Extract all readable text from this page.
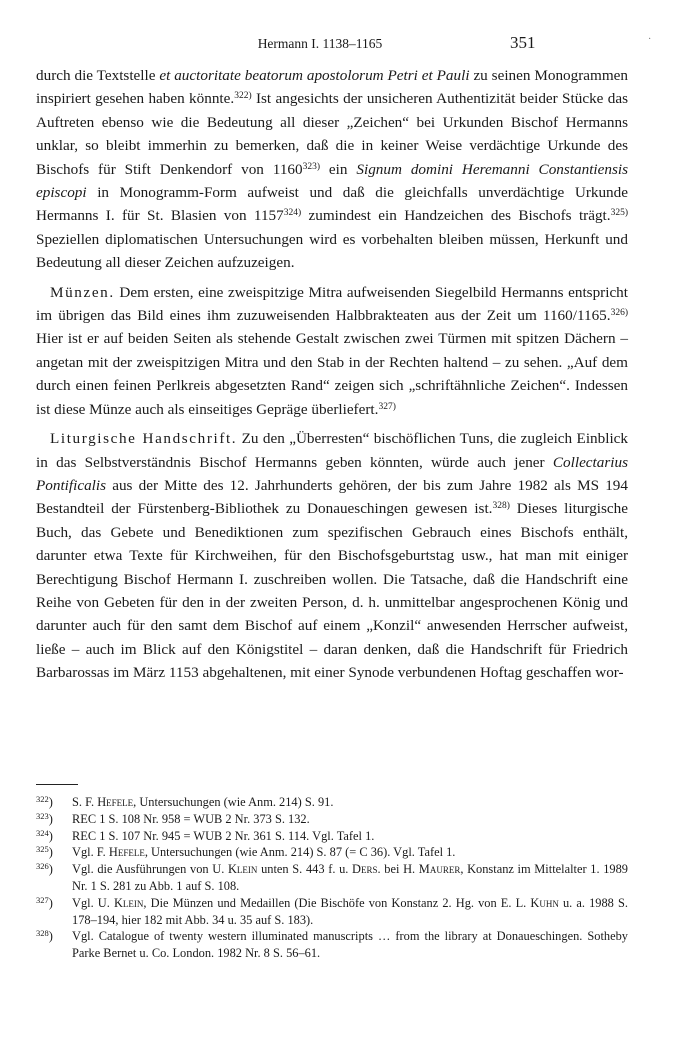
Hermann I. 1138–1165	351	·

durch die Textstelle et auctoritate beatorum apostolorum Petri et Pauli zu seinen Monogrammen inspiriert gesehen haben könnte.$^{322)}$ Ist angesichts der unsicheren Authentizität beider Stücke das Auftreten ebenso wie die Bedeutung all dieser „Zeichen“ bei Urkunden Bischof Hermanns unklar, so bleibt immerhin zu bemerken, daß die in keiner Weise verdächtige Urkunde des Bischofs für Stift Denkendorf von 1160$^{323)}$ ein Signum domini Heremanni Constantiensis episcopi in Monogramm-Form aufweist und daß die gleichfalls unverdächtige Urkunde Hermanns I. für St. Blasien von 1157$^{324)}$ zumindest ein Handzeichen des Bischofs trägt.$^{325)}$ Speziellen diplomatischen Untersuchungen wird es vorbehalten bleiben müssen, Herkunft und Bedeutung all dieser Zeichen aufzuzeigen.

Münzen. Dem ersten, eine zweispitzige Mitra aufweisenden Siegelbild Hermanns entspricht im übrigen das Bild eines ihm zuzuweisenden Halbbrakteaten aus der Zeit um 1160/1165.$^{326)}$ Hier ist er auf beiden Seiten als stehende Gestalt zwischen zwei Türmen mit spitzen Dächern – angetan mit der zweispitzigen Mitra und den Stab in der Rechten haltend – zu sehen. „Auf dem durch einen feinen Perlkreis abgesetzten Rand“ zeigen sich „schriftähnliche Zeichen“. Indessen ist diese Münze auch als einseitiges Gepräge überliefert.$^{327)}$

Liturgische Handschrift. Zu den „Überresten“ bischöflichen Tuns, die zugleich Einblick in das Selbstverständnis Bischof Hermanns geben könnten, würde auch jener Collectarius Pontificalis aus der Mitte des 12. Jahrhunderts gehören, der bis zum Jahre 1982 als MS 194 Bestandteil der Fürstenberg-Bibliothek zu Donaueschingen gewesen ist.$^{328)}$ Dieses liturgische Buch, das Gebete und Benediktionen zum spezifischen Gebrauch eines Bischofs enthält, darunter etwa Texte für Kirchweihen, für den Bischofsgeburtstag usw., hat man mit einiger Berechtigung Bischof Hermann I. zuschreiben wollen. Die Tatsache, daß die Handschrift eine Reihe von Gebeten für den in der zweiten Person, d. h. unmittelbar angesprochenen König und darunter auch für den samt dem Bischof auf einem „Konzil“ anwesenden Herrscher aufweist, ließe – auch im Blick auf den Königstitel – daran denken, daß die Handschrift für Friedrich Barbarossas im März 1153 abgehaltenen, mit einer Synode verbundenen Hoftag geschaffen wor-

$^{322}$)	S. F. Hefele, Untersuchungen (wie Anm. 214) S. 91.
$^{323}$)	REC 1 S. 108 Nr. 958 = WUB 2 Nr. 373 S. 132.
$^{324}$)	REC 1 S. 107 Nr. 945 = WUB 2 Nr. 361 S. 114. Vgl. Tafel 1.
$^{325}$)	Vgl. F. Hefele, Untersuchungen (wie Anm. 214) S. 87 (= C 36). Vgl. Tafel 1.
$^{326}$)	Vgl. die Ausführungen von U. Klein unten S. 443 f. u. Ders. bei H. Maurer, Konstanz im Mittelalter 1. 1989 Nr. 1 S. 281 zu Abb. 1 auf S. 108.
$^{327}$)	Vgl. U. Klein, Die Münzen und Medaillen (Die Bischöfe von Konstanz 2. Hg. von E. L. Kuhn u. a. 1988 S. 178–194, hier 182 mit Abb. 34 u. 35 auf S. 183).
$^{328}$)	Vgl. Catalogue of twenty western illuminated manuscripts … from the library at Donaueschingen. Sotheby Parke Bernet u. Co. London. 1982 Nr. 8 S. 56–61.
